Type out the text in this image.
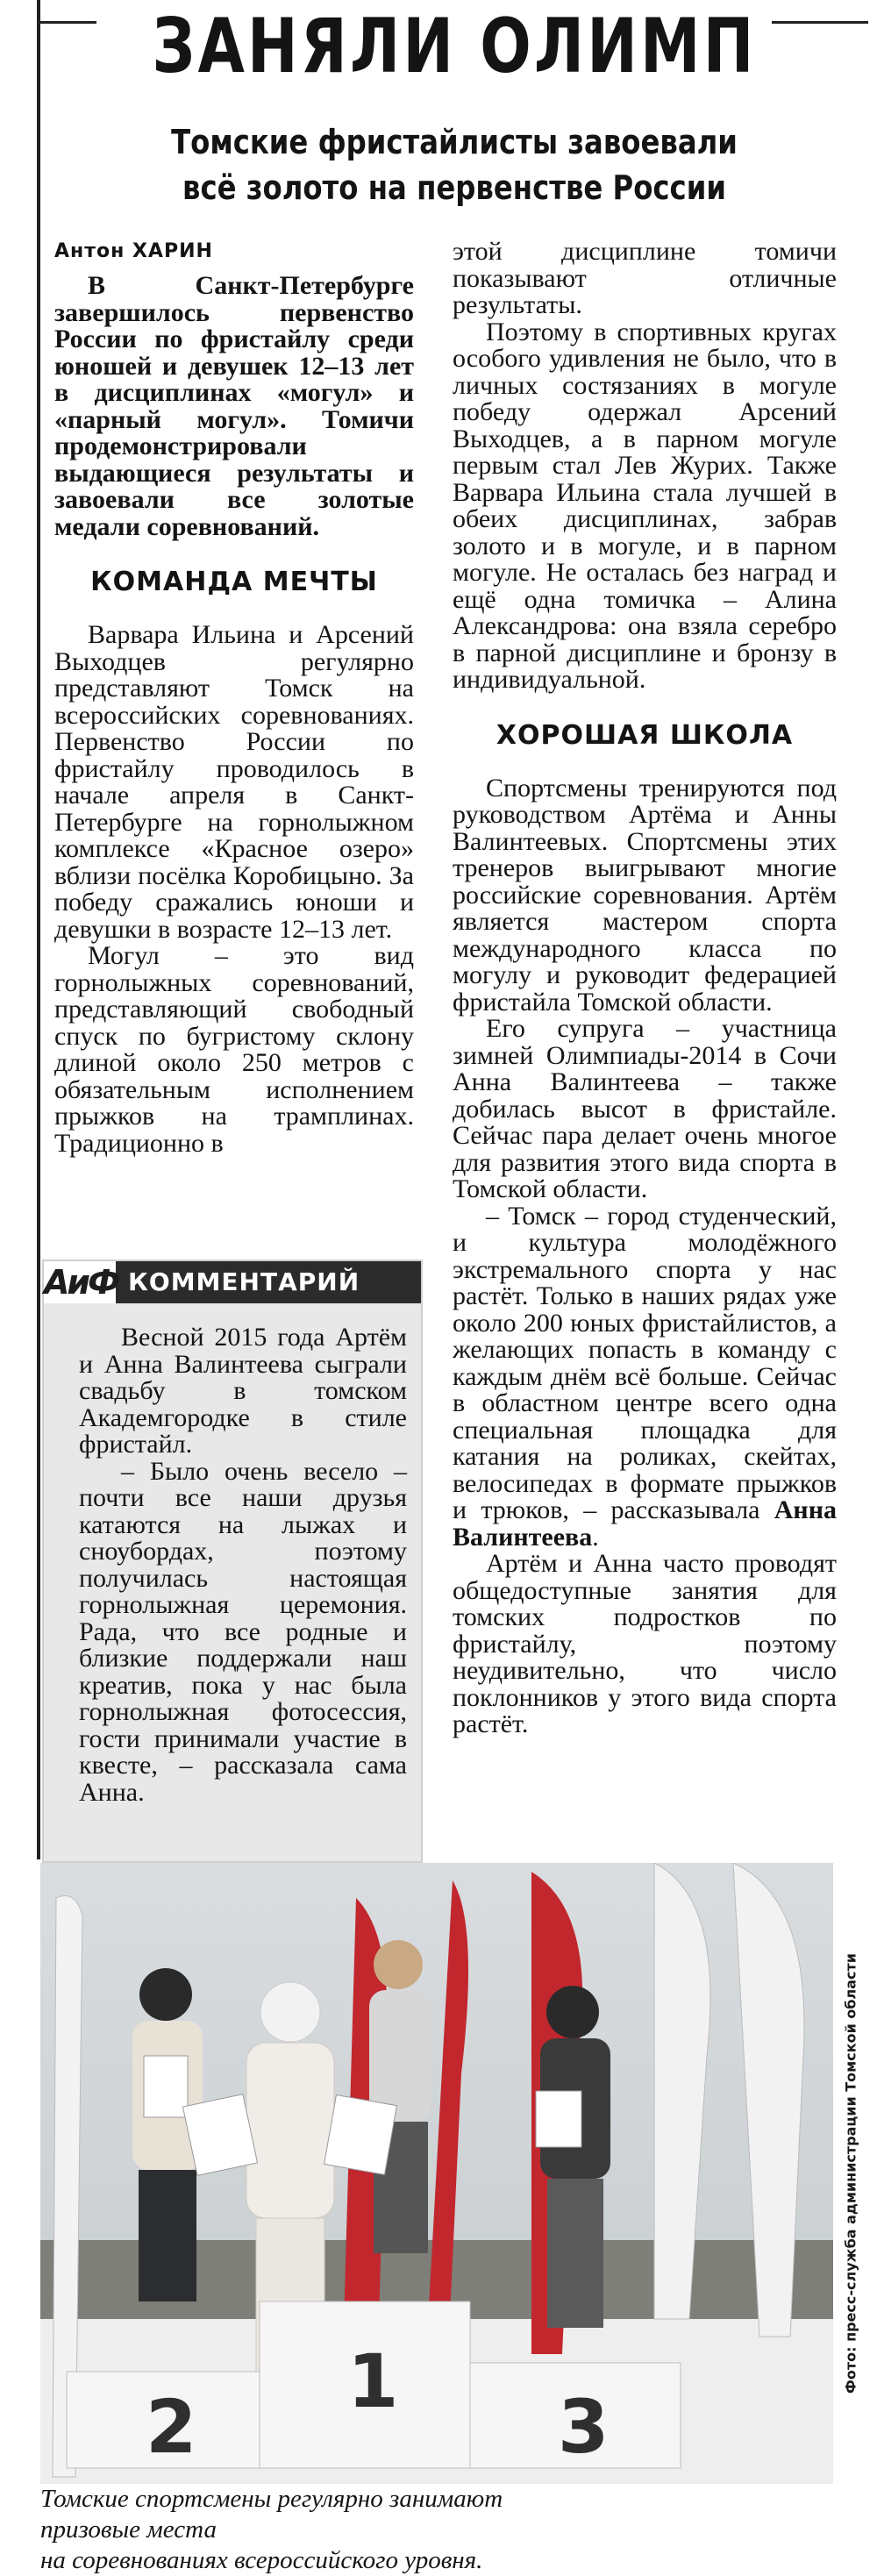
ЗАНЯЛИ ОЛИМП
Томские фристайлисты завоевали
всё золото на первенстве России
Антон ХАРИН

В Санкт-Петербурге завершилось первенство России по фристайлу среди юношей и девушек 12–13 лет в дисциплинах «могул» и «парный могул». Томичи продемонстрировали выдающиеся результаты и завоевали все золотые медали соревнований.

КОМАНДА МЕЧТЫ

Варвара Ильина и Арсений Выходцев регулярно представляют Томск на всероссийских соревнованиях. Первенство России по фристайлу проводилось в начале апреля в Санкт-Петербурге на горнолыжном комплексе «Красное озеро» вблизи посёлка Коробицыно. За победу сражались юноши и девушки в возрасте 12–13 лет.

Могул – это вид горнолыжных соревнований, представляющий свободный спуск по бугристому склону длиной около 250 метров с обязательным исполнением прыжков на трамплинах. Традиционно в

АиФ КОММЕНТАРИЙ

Весной 2015 года Артём и Анна Валинтеева сыграли свадьбу в томском Академгородке в стиле фристайл.

– Было очень весело – почти все наши друзья катаются на лыжах и сноубордах, поэтому получилась настоящая горнолыжная церемония. Рада, что все родные и близкие поддержали наш креатив, пока у нас была горнолыжная фотосессия, гости принимали участие в квесте, – рассказала сама Анна.

этой дисциплине томичи показывают отличные результаты.

Поэтому в спортивных кругах особого удивления не было, что в личных состязаниях в могуле победу одержал Арсений Выходцев, а в парном могуле первым стал Лев Журих. Также Варвара Ильина стала лучшей в обеих дисциплинах, забрав золото и в могуле, и в парном могуле. Не осталась без наград и ещё одна томичка – Алина Александрова: она взяла серебро в парной дисциплине и бронзу в индивидуальной.

ХОРОШАЯ ШКОЛА

Спортсмены тренируются под руководством Артёма и Анны Валинтеевых. Спортсмены этих тренеров выигрывают многие российские соревнования. Артём является мастером спорта международного класса по могулу и руководит федерацией фристайла Томской области.

Его супруга – участница зимней Олимпиады-2014 в Сочи Анна Валинтеева – также добилась высот в фристайле. Сейчас пара делает очень многое для развития этого вида спорта в Томской области.

– Томск – город студенческий, и культура молодёжного экстремального спорта у нас растёт. Только в наших рядах уже около 200 юных фристайлистов, а желающих попасть в команду с каждым днём всё больше. Сейчас в областном центре всего одна специальная площадка для катания на роликах, скейтах, велосипедах в формате прыжков и трюков, – рассказывала Анна Валинтеева.

Артём и Анна часто проводят общедоступные занятия для томских подростков по фристайлу, поэтому неудивительно, что число поклонников у этого вида спорта растёт.

2
1
3
Фото: пресс-служба администрации Томской области

Томские спортсмены регулярно занимают призовые места
на соревнованиях всероссийского уровня.
